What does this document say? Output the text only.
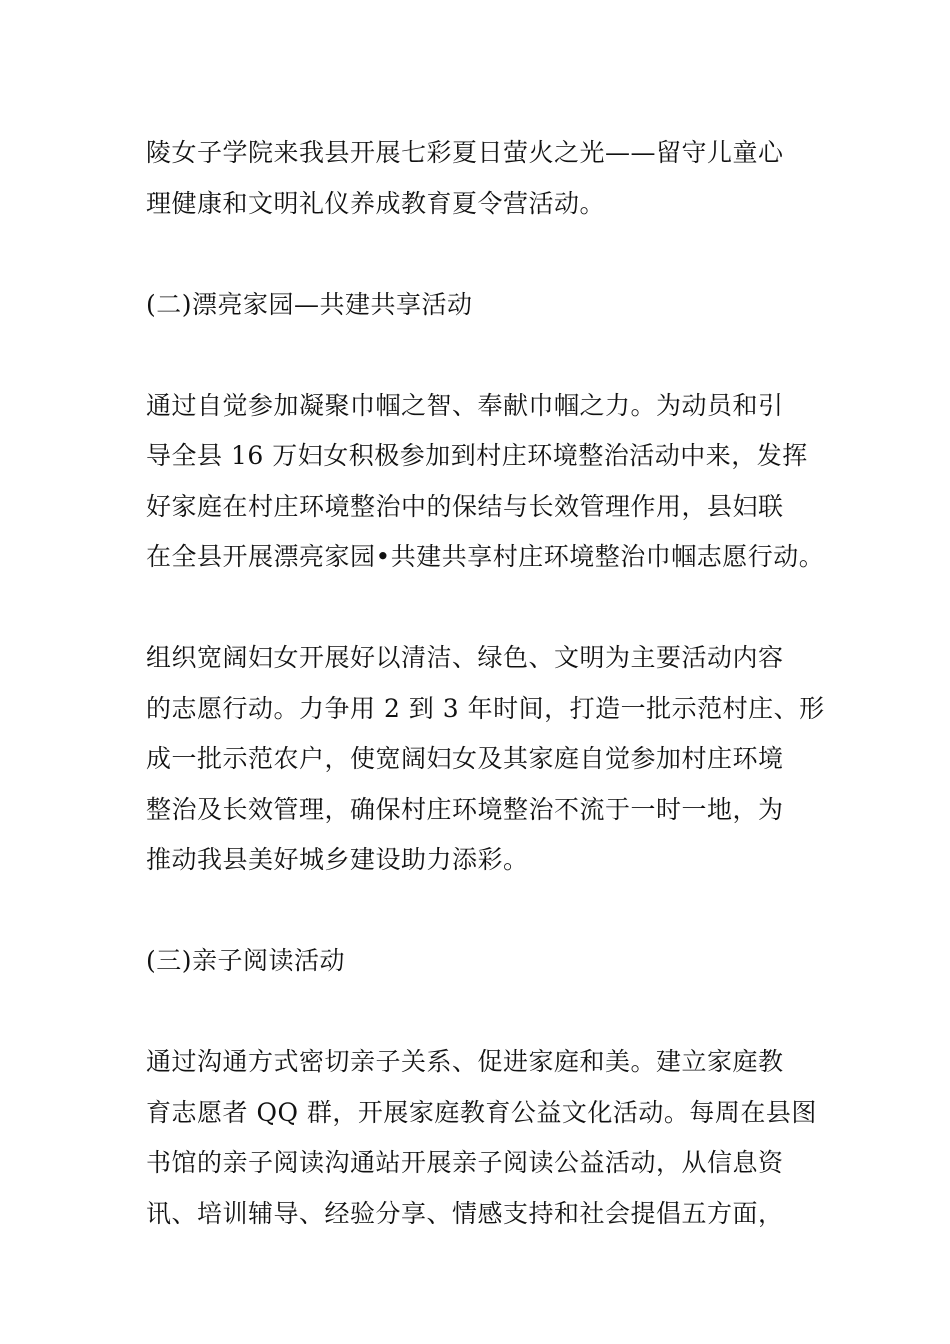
陵女子学院来我县开展七彩夏日萤火之光——留守儿童心
理健康和文明礼仪养成教育夏令营活动。

(二)漂亮家园—共建共享活动

通过自觉参加凝聚巾帼之智、奉献巾帼之力。为动员和引
导全县 16 万妇女积极参加到村庄环境整治活动中来，发挥
好家庭在村庄环境整治中的保结与长效管理作用，县妇联
在全县开展漂亮家园•共建共享村庄环境整治巾帼志愿行动。

组织宽阔妇女开展好以清洁、绿色、文明为主要活动内容
的志愿行动。力争用 2 到 3 年时间，打造一批示范村庄、形
成一批示范农户，使宽阔妇女及其家庭自觉参加村庄环境
整治及长效管理，确保村庄环境整治不流于一时一地，为
推动我县美好城乡建设助力添彩。

(三)亲子阅读活动

通过沟通方式密切亲子关系、促进家庭和美。建立家庭教
育志愿者 QQ 群，开展家庭教育公益文化活动。每周在县图
书馆的亲子阅读沟通站开展亲子阅读公益活动，从信息资
讯、培训辅导、经验分享、情感支持和社会提倡五方面，
